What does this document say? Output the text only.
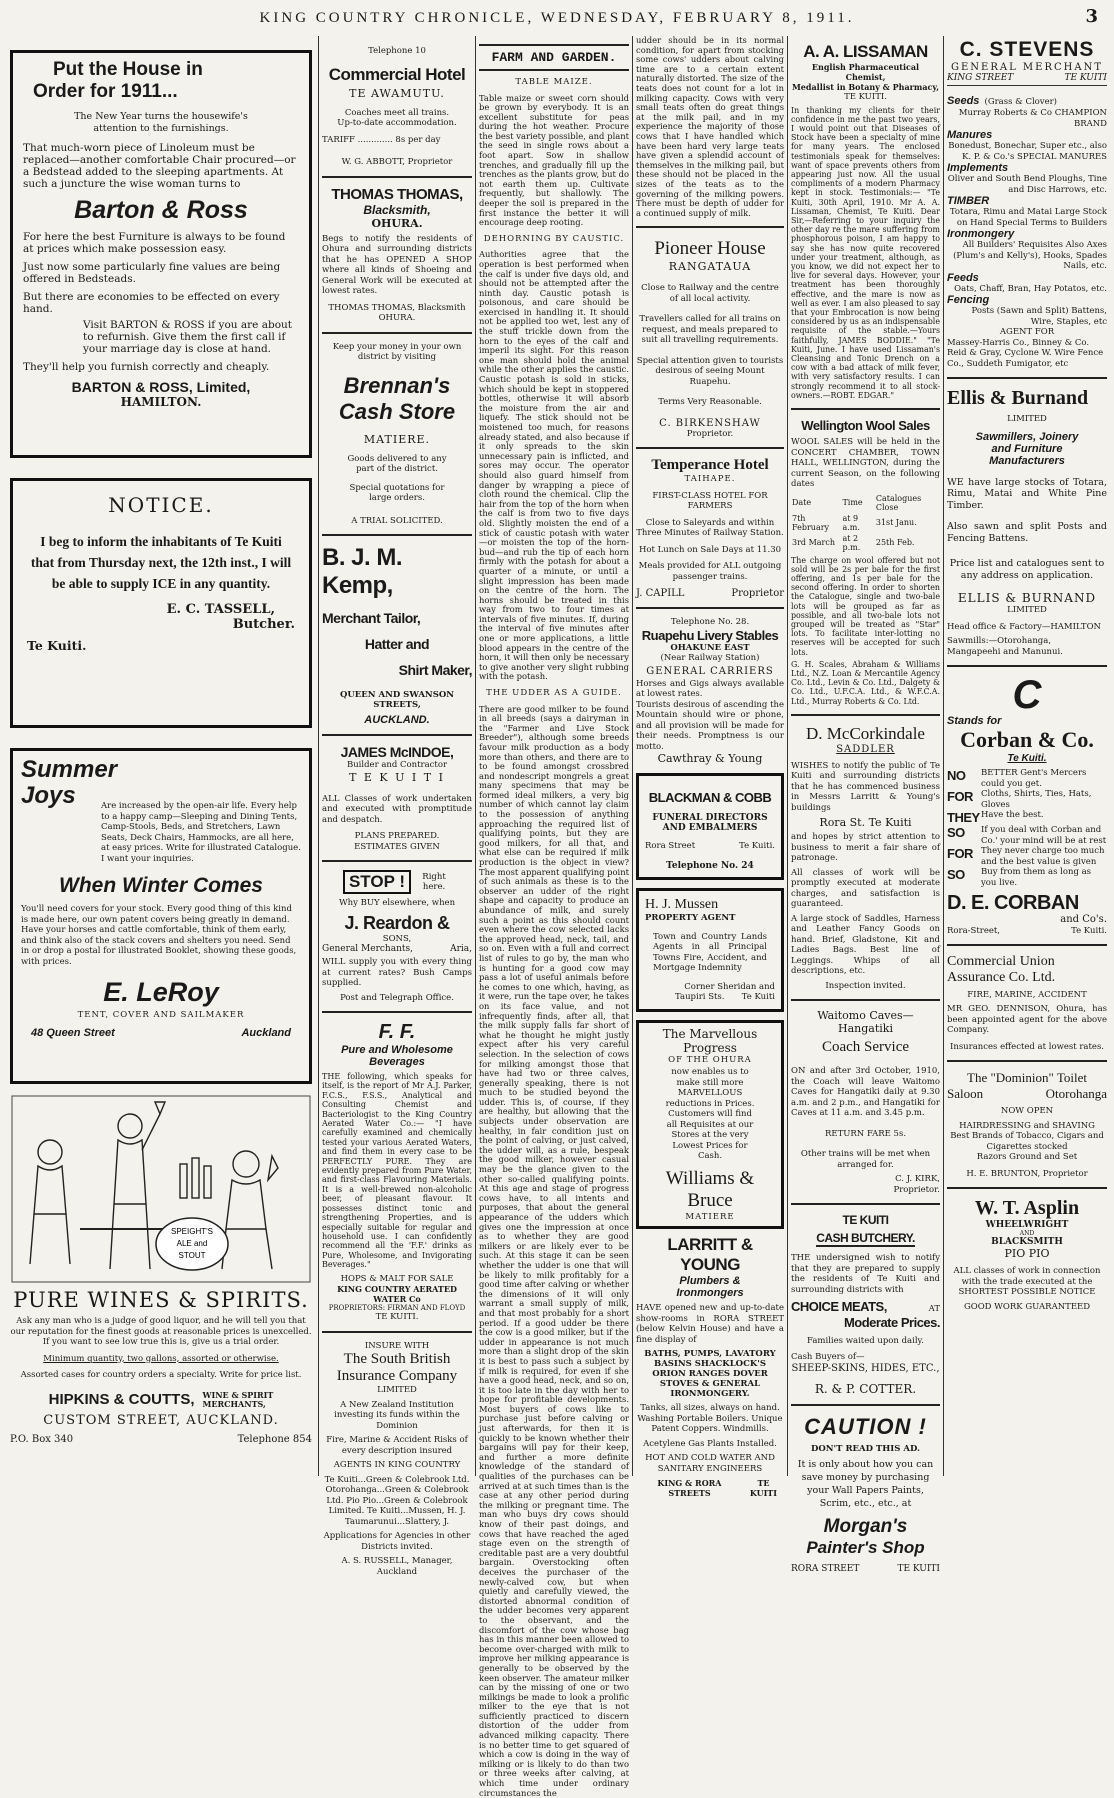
KING COUNTRY CHRONICLE, WEDNESDAY, FEBRUARY 8, 1911.	3
Put the House in
Order for 1911...
The New Year turns the housewife's attention to the furnishings.
That much-worn piece of Linoleum must be replaced—another comfortable Chair procured—or a Bedstead added to the sleeping apartments. At such a juncture the wise woman turns to
Barton & Ross
For here the best Furniture is always to be found at prices which make possession easy.
Just now some particularly fine values are being offered in Bedsteads.
But there are economies to be effected on every hand.
Visit BARTON & ROSS if you are about to refurnish. Give them the first call if your marriage day is close at hand.
They'll help you furnish correctly and cheaply.
BARTON & ROSS, Limited,
HAMILTON.
NOTICE.
I beg to inform the inhabitants of Te Kuiti that from Thursday next, the 12th inst., I will be able to supply ICE in any quantity.
E. C. TASSELL,
Butcher.
Te Kuiti.
Summer
Joys	Are increased by the open-air life. Every help to a happy camp—Sleeping and Dining Tents, Camp-Stools, Beds, and Stretchers, Lawn Seats, Deck Chairs, Hammocks, are all here, at easy prices. Write for illustrated Catalogue. I want your inquiries.
When Winter Comes
You'll need covers for your stock. Every good thing of this kind is made here, our own patent covers being greatly in demand. Have your horses and cattle comfortable, think of them early, and think also of the stack covers and shelters you need. Send in or drop a postal for illustrated Booklet, showing these goods, with prices.
E. LeRoy
TENT, COVER AND SAILMAKER
48 Queen Street	Auckland
SPEIGHT'S
ALE and
STOUT
PURE WINES & SPIRITS.
Ask any man who is a judge of good liquor, and he will tell you that our reputation for the finest goods at reasonable prices is unexcelled.
If you want to see low true this is, give us a trial order.
Minimum quantity, two gallons, assorted or otherwise.
Assorted cases for country orders a specialty. Write for price list.
HIPKINS & COUTTS, WINE & SPIRIT
MERCHANTS,
CUSTOM STREET, AUCKLAND.
P.O. Box 340	Telephone 854
Telephone 10
Commercial Hotel
TE AWAMUTU.
Coaches meet all trains.
Up-to-date accommodation.
TARIFF ............. 8s per day
W. G. ABBOTT, Proprietor
THOMAS THOMAS,
Blacksmith,
OHURA.
Begs to notify the residents of Ohura and surrounding districts that he has OPENED A SHOP where all kinds of Shoeing and General Work will be executed at lowest rates.
THOMAS THOMAS, Blacksmith OHURA.
Keep your money in your own district by visiting
Brennan's
Cash Store
MATIERE.
Goods delivered to any part of the district.
Special quotations for large orders.
A TRIAL SOLICITED.
B. J. M. Kemp,
Merchant Tailor,
Hatter and
Shirt Maker,
QUEEN AND SWANSON STREETS,
AUCKLAND.
JAMES McINDOE,
Builder and Contractor
T E K U I T I
ALL Classes of work undertaken and executed with promptitude and despatch.
PLANS PREPARED.
ESTIMATES GIVEN
STOP !	Right here.
Why BUY elsewhere, when
J. Reardon &
SONS,
General Merchants,	Aria,
WILL supply you with every thing at current rates? Bush Camps supplied.
Post and Telegraph Office.
F. F.
Pure and Wholesome
Beverages
THE following, which speaks for itself, is the report of Mr A.J. Parker, F.C.S., F.S.S., Analytical and Consulting Chemist and Bacteriologist to the King Country Aerated Water Co.:— "I have carefully examined and chemically tested your various Aerated Waters, and find them in every case to be PERFECTLY PURE. They are evidently prepared from Pure Water, and first-class Flavouring Materials. It is a well-brewed non-alcoholic beer, of pleasant flavour. It possesses distinct tonic and strengthening Properties, and is especially suitable for regular and household use. I can confidently recommend all the 'F.F.' drinks as Pure, Wholesome, and Invigorating Beverages."
HOPS & MALT FOR SALE
KING COUNTRY AERATED WATER Co
PROPRIETORS: FIRMAN AND FLOYD
TE KUITI.
INSURE WITH
The South British
Insurance Company
LIMITED
A New Zealand Institution investing its funds within the Dominion
Fire, Marine & Accident Risks of every description insured
AGENTS IN KING COUNTRY
Te Kuiti...Green & Colebrook Ltd. Otorohanga...Green & Colebrook Ltd. Pio Pio...Green & Colebrook Limited. Te Kuiti...Mussen, H. J. Taumarunui...Slattery, J.
Applications for Agencies in other Districts invited.
A. S. RUSSELL, Manager, Auckland
FARM AND GARDEN.
TABLE MAIZE.
Table maize or sweet corn should be grown by everybody. It is an excellent substitute for peas during the hot weather. Procure the best variety possible, and plant the seed in single rows about a foot apart. Sow in shallow trenches, and gradually fill up the trenches as the plants grow, but do not earth them up. Cultivate frequently, but shallowly. The deeper the soil is prepared in the first instance the better it will encourage deep rooting.
DEHORNING BY CAUSTIC.
Authorities agree that the operation is best performed when the calf is under five days old, and should not be attempted after the ninth day. Caustic potash is poisonous, and care should be exercised in handling it. It should not be applied too wet, lest any of the stuff trickle down from the horn to the eyes of the calf and imperil its sight. For this reason one man should hold the animal while the other applies the caustic. Caustic potash is sold in sticks, which should be kept in stoppered bottles, otherwise it will absorb the moisture from the air and liquefy. The stick should not be moistened too much, for reasons already stated, and also because if it only spreads to the skin unnecessary pain is inflicted, and sores may occur. The operator should also guard himself from danger by wrapping a piece of cloth round the chemical. Clip the hair from the top of the horn when the calf is from two to five days old. Slightly moisten the end of a stick of caustic potash with water—or moisten the top of the horn-bud—and rub the tip of each horn firmly with the potash for about a quarter of a minute, or until a slight impression has been made on the centre of the horn. The horns should be treated in this way from two to four times at intervals of five minutes. If, during the interval of five minutes after one or more applications, a little blood appears in the centre of the horn, it will then only be necessary to give another very slight rubbing with the potash.
THE UDDER AS A GUIDE.
There are good milker to be found in all breeds (says a dairyman in the "Farmer and Live Stock Breeder"), although some breeds favour milk production as a body more than others, and there are to to be found amongst crossbred and nondescript mongrels a great many specimens that may be formed ideal milkers, a very big number of which cannot lay claim to the possession of anything approaching the required list of qualifying points, but they are good milkers, for all that, and what else can be required if milk production is the object in view? The most apparent qualifying point of such animals as these is to the observer an udder of the right shape and capacity to produce an abundance of milk, and surely such a point as this should count even where the cow selected lacks the approved head, neck, tail, and so on. Even with a full and correct list of rules to go by, the man who is hunting for a good cow may pass a lot of useful animals before he comes to one which, having, as it were, run the tape over, he takes on its face value, and not infrequently finds, after all, that the milk supply falls far short of what he thought he might justly expect after his very careful selection. In the selection of cows for milking amongst those that have had two or three calves, generally speaking, there is not much to be studied beyond the udder. This is, of course, if they are healthy, but allowing that the subjects under observation are healthy, in fair condition just on the point of calving, or just calved, the udder will, as a rule, bespeak the good milker, however casual may be the glance given to the other so-called qualifying points. At this age and stage of progress cows have, to all intents and purposes, that about the general appearance of the udders which gives one the impression at once as to whether they are good milkers or are likely ever to be such. At this stage it can be seen whether the udder is one that will be likely to milk profitably for a good time after calving or whether the dimensions of it will only warrant a small supply of milk, and that most probably for a short period. If a good udder be there the cow is a good milker, but if the udder in appearance is not much more than a slight drop of the skin it is best to pass such a subject by if milk is required, for even if she have a good head, neck, and so on, it is too late in the day with her to hope for profitable developments. Most buyers of cows like to purchase just before calving or just afterwards, for then it is quickly to be known whether their bargains will pay for their keep, and further a more definite knowledge of the standard of qualities of the purchases can be arrived at at such times than is the case at any other period during the milking or pregnant time. The man who buys dry cows should know of their past doings, and cows that have reached the aged stage even on the strength of creditable past are a very doubtful bargain. Overstocking often deceives the purchaser of the newly-calved cow, but when quietly and carefully viewed, the distorted abnormal condition of the udder becomes very apparent to the observant, and the discomfort of the cow whose bag has in this manner been allowed to become over-charged with milk to improve her milking appearance is generally to be observed by the keen observer. The amateur milker can by the missing of one or two milkings be made to look a prolific milker to the eye that is not sufficiently practiced to discern distortion of the udder from advanced milking capacity. There is no better time to get squared of which a cow is doing in the way of milking or is likely to do than two or three weeks after calving, at which time under ordinary circumstances the
udder should be in its normal condition, for apart from stocking some cows' udders about calving time are to a certain extent naturally distorted. The size of the teats does not count for a lot in milking capacity. Cows with very small teats often do great things at the milk pail, and in my experience the majority of those cows that I have handled which have been hard very large teats have given a splendid account of themselves in the milking pail, but these should not be placed in the sizes of the teats as to the governing of the milking powers. There must be depth of udder for a continued supply of milk.
Pioneer House
RANGATAUA
Close to Railway and the centre of all local activity.
Travellers called for all trains on request, and meals prepared to suit all travelling requirements.
Special attention given to tourists desirous of seeing Mount Ruapehu.
Terms Very Reasonable.
C. BIRKENSHAW
Proprietor.
Temperance Hotel
TAIHAPE.
FIRST-CLASS HOTEL FOR FARMERS
Close to Saleyards and within Three Minutes of Railway Station.
Hot Lunch on Sale Days at 11.30
Meals provided for ALL outgoing passenger trains.
J. CAPILL	Proprietor
Telephone No. 28.
Ruapehu Livery Stables
OHAKUNE EAST
(Near Railway Station)
GENERAL CARRIERS
Horses and Gigs always available at lowest rates.
Tourists desirous of ascending the Mountain should wire or phone, and all provision will be made for their needs. Promptness is our motto.
Cawthray & Young
BLACKMAN & COBB
FUNERAL DIRECTORS
AND EMBALMERS
Rora Street	Te Kuiti.
Telephone No. 24
H. J. Mussen
PROPERTY AGENT
Town and Country Lands Agents in all Principal Towns Fire, Accident, and Mortgage Indemnity
Corner Sheridan and
Taupiri Sts. Te Kuiti
The Marvellous Progress
OF THE OHURA
now enables us to make still more MARVELLOUS reductions in Prices. Customers will find all Requisites at our Stores at the very Lowest Prices for Cash.
Williams & Bruce
MATIERE
LARRITT & YOUNG
Plumbers &
Ironmongers
HAVE opened new and up-to-date show-rooms in RORA STREET (below Kelvin House) and have a fine display of
BATHS, PUMPS, LAVATORY BASINS SHACKLOCK'S ORION RANGES DOVER STOVES & GENERAL IRONMONGERY.
Tanks, all sizes, always on hand. Washing Portable Boilers. Unique Patent Coppers. Windmills.
Acetylene Gas Plants Installed.
HOT AND COLD WATER AND SANITARY ENGINEERS
KING & RORA STREETS
TE KUITI
A. A. LISSAMAN
English Pharmaceutical Chemist,
Medallist in Botany & Pharmacy,
TE KUITI.
In thanking my clients for their confidence in me the past two years, I would point out that Diseases of Stock have been a specialty of mine for many years. The enclosed testimonials speak for themselves: want of space prevents others from appearing just now. All the usual compliments of a modern Pharmacy kept in stock. Testimonials:— "Te Kuiti, 30th April, 1910. Mr A. A. Lissaman, Chemist, Te Kuiti. Dear Sir,—Referring to your inquiry the other day re the mare suffering from phosphorous poison, I am happy to say she has now quite recovered under your treatment, although, as you know, we did not expect her to live for several days. However, your treatment has been thoroughly effective, and the mare is now as well as ever. I am also pleased to say that your Embrocation is now being considered by us as an indispensable requisite of the stable.—Yours faithfully, JAMES BODDIE." "Te Kuiti, June. I have used Lissaman's Cleansing and Tonic Drench on a cow with a bad attack of milk fever, with very satisfactory results. I can strongly recommend it to all stock-owners.—ROBT. EDGAR."
Wellington Wool Sales
WOOL SALES will be held in the CONCERT CHAMBER, TOWN HALL, WELLINGTON, during the current Season, on the following dates
Date	Time	Catalogues Close
7th February	at 9 a.m.	31st Janu.
3rd March	at 2 p.m.	25th Feb.
The charge on wool offered but not sold will be 2s per bale for the first offering, and 1s per bale for the second offering. In order to shorten the Catalogue, single and two-bale lots will be grouped as far as possible, and all two-bale lots not grouped will be treated as "Star" lots. To facilitate inter-lotting no reserves will be accepted for such lots.
G. H. Scales, Abraham & Williams Ltd., N.Z. Loan & Mercantile Agency Co. Ltd., Levin & Co. Ltd., Dalgety & Co. Ltd., U.F.C.A. Ltd., & W.F.C.A. Ltd., Murray Roberts & Co. Ltd.
D. McCorkindale
SADDLER
WISHES to notify the public of Te Kuiti and surrounding districts that he has commenced business in Messrs Larritt & Young's buildings
Rora St. Te Kuiti
and hopes by strict attention to business to merit a fair share of patronage.
All classes of work will be promptly executed at moderate charges, and satisfaction is guaranteed.
A large stock of Saddles, Harness and Leather Fancy Goods on hand. Brief, Gladstone, Kit and Ladies Bags. Best line of Leggings. Whips of all descriptions, etc.
Inspection invited.
Waitomo Caves—Hangatiki
Coach Service
ON and after 3rd October, 1910, the Coach will leave Waitomo Caves for Hangatiki daily at 9.30 a.m. and 2 p.m., and Hangatiki for Caves at 11 a.m. and 3.45 p.m.
RETURN FARE 5s.
Other trains will be met when arranged for.
C. J. KIRK,
Proprietor.
TE KUITI
CASH BUTCHERY.
THE undersigned wish to notify that they are prepared to supply the residents of Te Kuiti and surrounding districts with
CHOICE MEATS,	AT
Moderate Prices.
Families waited upon daily.
Cash Buyers of—
SHEEP-SKINS, HIDES, ETC.,
R. & P. COTTER.
CAUTION !
DON'T READ THIS AD.
It is only about how you can save money by purchasing your Wall Papers Paints, Scrim, etc., etc., at
Morgan's
Painter's Shop
RORA STREET	TE KUITI
C. STEVENS
GENERAL MERCHANT
KING STREET	TE KUITI
Seeds (Grass & Clover)
Murray Roberts & Co CHAMPION BRAND
Manures
Bonedust, Bonechar, Super etc., also K. P. & Co.'s SPECIAL MANURES
Implements
Oliver and South Bend Ploughs, Tine and Disc Harrows, etc.
TIMBER
Totara, Rimu and Matai Large Stock on Hand Special Terms to Builders
Ironmongery
All Builders' Requisites Also Axes (Plum's and Kelly's), Hooks, Spades Nails, etc.
Feeds
Oats, Chaff, Bran, Hay Potatos, etc.
Fencing
Posts (Sawn and Split) Battens, Wire, Staples, etc
AGENT FOR
Massey-Harris Co., Binney & Co. Reid & Gray, Cyclone W. Wire Fence Co., Suddeth Fumigator, etc
Ellis & Burnand
LIMITED
Sawmillers, Joinery
and Furniture
Manufacturers
WE have large stocks of Totara, Rimu, Matai and White Pine Timber.
Also sawn and split Posts and Fencing Battens.
Price list and catalogues sent to any address on application.
ELLIS & BURNAND
LIMITED
Head office & Factory—HAMILTON
Sawmills:—Otorohanga, Mangapeehi and Manunui.
C
Stands for
Corban & Co.
Te Kuiti.
NO	BETTER Gent's Mercers could you get.
FOR Cloths, Shirts, Ties, Hats, Gloves
THEY Have the best.
SO	If you deal with Corban and Co.' your mind will be at rest
FOR They never charge too much and the best value is given
SO	Buy from them as long as you live.
D. E. CORBAN
and Co's.
Rora-Street,	Te Kuiti.
Commercial Union
Assurance Co. Ltd.
FIRE, MARINE, ACCIDENT
MR GEO. DENNISON, Ohura, has been appointed agent for the above Company.
Insurances effected at lowest rates.
The "Dominion" Toilet
Saloon	Otorohanga
NOW OPEN
HAIRDRESSING and SHAVING
Best Brands of Tobacco, Cigars and Cigarettes stocked
Razors Ground and Set
H. E. BRUNTON, Proprietor
W. T. Asplin
WHEELWRIGHT
AND
BLACKSMITH
PIO PIO
ALL classes of work in connection with the trade executed at the SHORTEST POSSIBLE NOTICE
GOOD WORK GUARANTEED
